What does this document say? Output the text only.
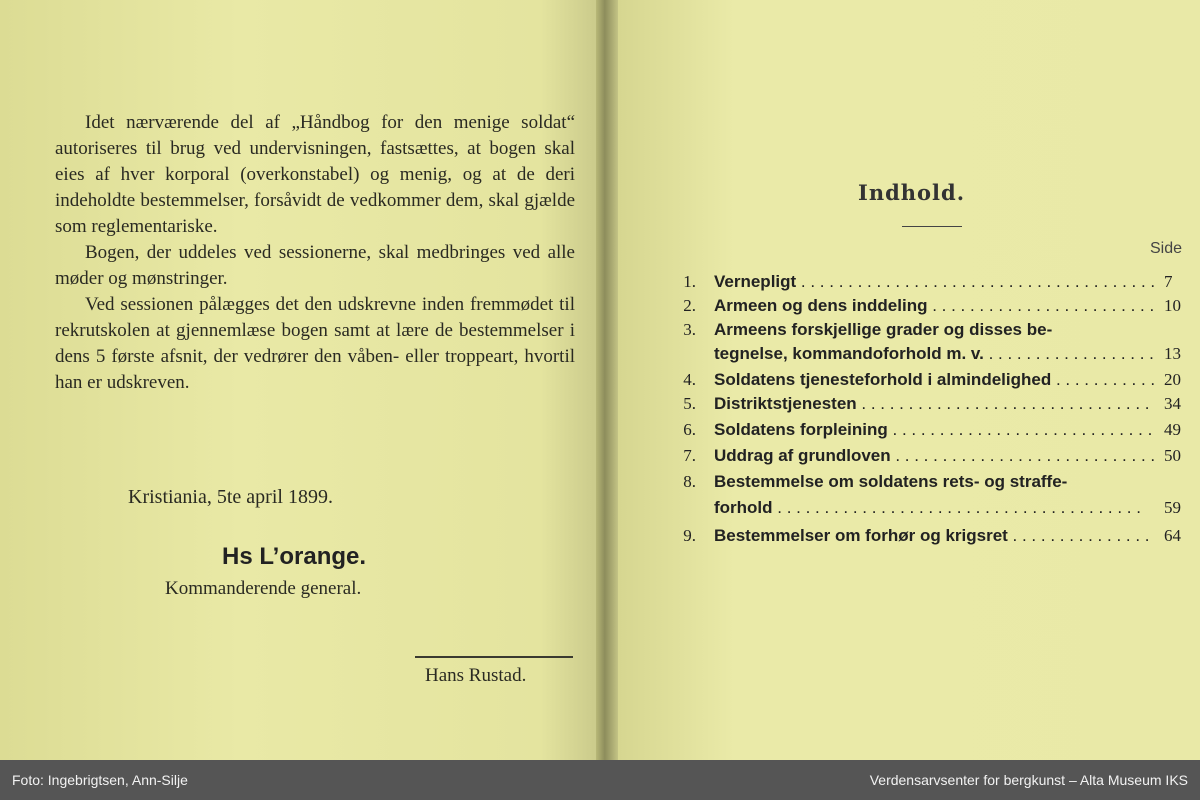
Idet nærværende del af „Håndbog for den menige soldat“ autoriseres til brug ved undervisningen, fastsættes, at bogen skal eies af hver korporal (overkonstabel) og menig, og at de deri indeholdte bestemmelser, forsåvidt de vedkommer dem, skal gjælde som reglementariske.

Bogen, der uddeles ved sessionerne, skal medbringes ved alle møder og mønstringer.

Ved sessionen pålægges det den udskrevne inden fremmødet til rekrutskolen at gjennemlæse bogen samt at lære de bestemmelser i dens 5 første afsnit, der vedrører den våben- eller troppeart, hvortil han er udskreven.

Kristiania, 5te april 1899.
Hs L’orange.
Kommanderende general.
Hans Rustad.
Indhold.
Side
1. Vernepligt . . .	7
2. Armeen og dens inddeling . . .	10
3. Armeens forskjellige grader og disses be-
tegnelse, kommandoforhold m. v. . . .	13
4. Soldatens tjenesteforhold i almindelighed . . .	20
5. Distriktstjenesten . . .	34
6. Soldatens forpleining . . .	49
7. Uddrag af grundloven . . .	50
8. Bestemmelse om soldatens rets- og straffe-
forhold . . .	59
9. Bestemmelser om forhør og krigsret . . .	64
Foto: Ingebrigtsen, Ann-Silje	Verdensarvsenter for bergkunst – Alta Museum IKS
